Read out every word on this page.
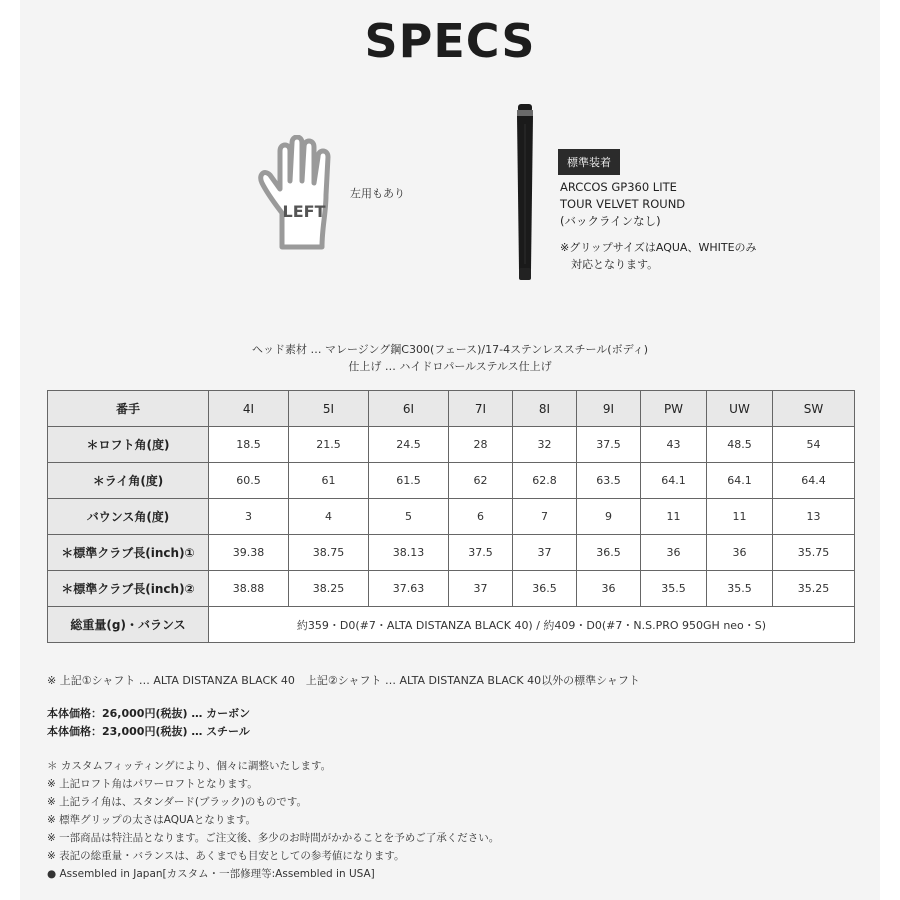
SPECS
LEFT
左用もあり
標準装着
ARCCOS GP360 LITE
TOUR VELVET ROUND
(バックラインなし)
※グリップサイズはAQUA、WHITEのみ
　対応となります。
ヘッド素材 … マレージング鋼C300(フェース)/17-4ステンレススチール(ボディ)
仕上げ … ハイドロパールステルス仕上げ
番手	4I	5I	6I	7I	8I	9I	PW	UW	SW
＊ロフト角(度)	18.5	21.5	24.5	28	32	37.5	43	48.5	54
＊ライ角(度)	60.5	61	61.5	62	62.8	63.5	64.1	64.1	64.4
バウンス角(度)	3	4	5	6	7	9	11	11	13
＊標準クラブ長(inch)①	39.38	38.75	38.13	37.5	37	36.5	36	36	35.75
＊標準クラブ長(inch)②	38.88	38.25	37.63	37	36.5	36	35.5	35.5	35.25
総重量(g)・バランス	約359・D0(#7・ALTA DISTANZA BLACK 40) / 約409・D0(#7・N.S.PRO 950GH neo・S)								
※ 上記①シャフト … ALTA DISTANZA BLACK 40　上記②シャフト … ALTA DISTANZA BLACK 40以外の標準シャフト
本体価格：26,000円(税抜) … カーボン
本体価格：23,000円(税抜) … スチール
＊ カスタムフィッティングにより、個々に調整いたします。
※ 上記ロフト角はパワーロフトとなります。
※ 上記ライ角は、スタンダード(ブラック)のものです。
※ 標準グリップの太さはAQUAとなります。
※ 一部商品は特注品となります。ご注文後、多少のお時間がかかることを予めご了承ください。
※ 表記の総重量・バランスは、あくまでも目安としての参考値になります。
● Assembled in Japan[カスタム・一部修理等:Assembled in USA]
